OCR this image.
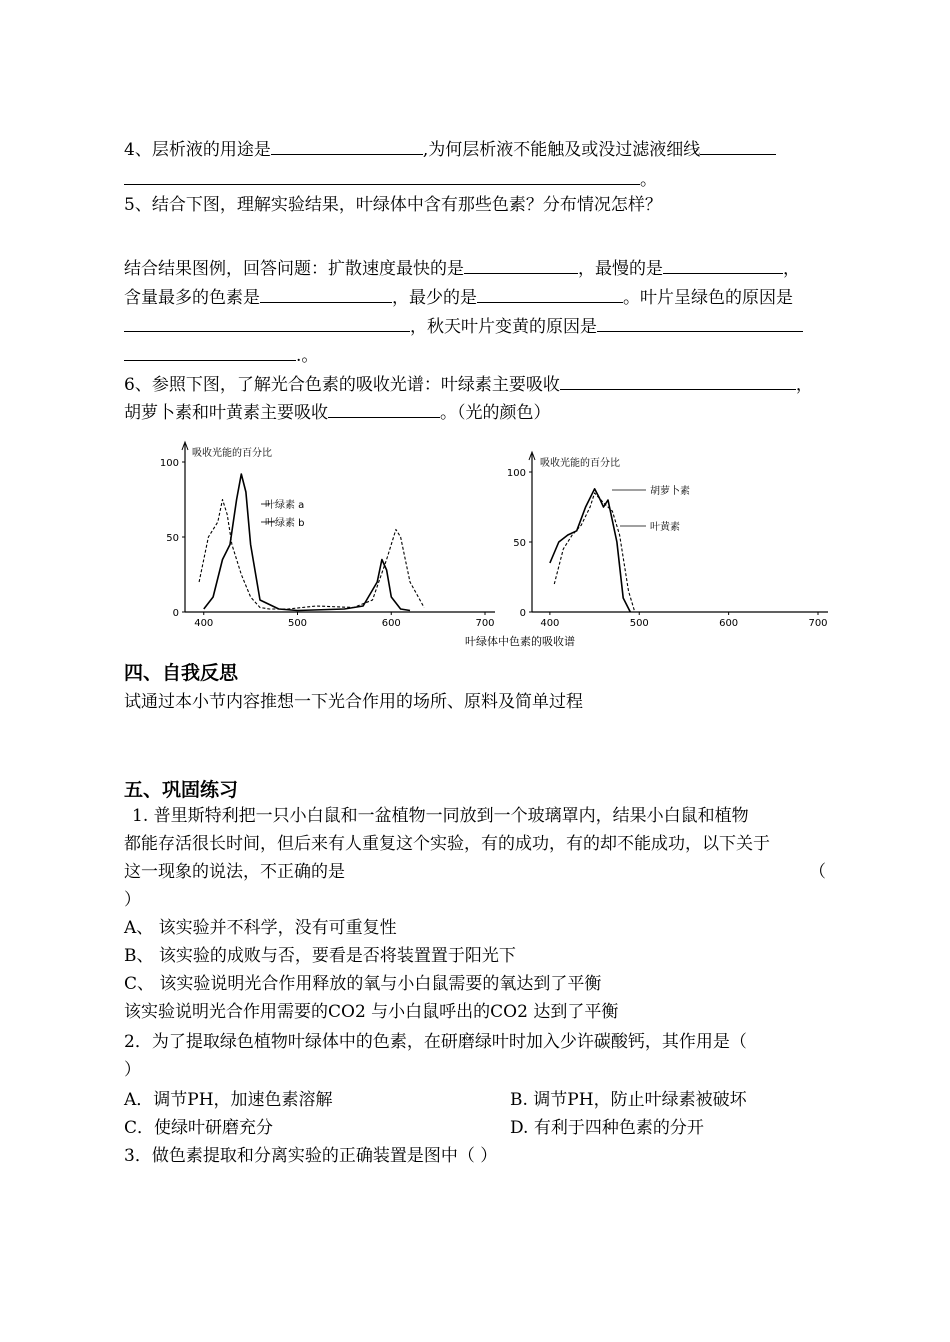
4、层析液的用途是	,为何层析液不能触及或没过滤液细线
。
5、结合下图，理解实验结果，叶绿体中含有那些色素？分布情况怎样？
结合结果图例，回答问题：扩散速度最快的是	，最慢的是	，
含量最多的色素是	，最少的是	。叶片呈绿色的原因是
，秋天叶片变黄的原因是
.。
6、参照下图，了解光合色素的吸收光谱：叶绿素主要吸收	，
胡萝卜素和叶黄素主要吸收	。（光的颜色）
吸收光能的百分比
400	500	600	700
0
50
100
叶绿素 a
叶绿素 b
吸收光能的百分比
400	500	600	700
0
50
100
胡萝卜素
叶黄素
叶绿体中色素的吸收谱
四、自我反思
试通过本小节内容推想一下光合作用的场所、原料及简单过程
五、巩固练习
1. 普里斯特利把一只小白鼠和一盆植物一同放到一个玻璃罩内，结果小白鼠和植物
都能存活很长时间，但后来有人重复这个实验，有的成功，有的却不能成功，以下关于
这一现象的说法，不正确的是	（
）
A、 该实验并不科学，没有可重复性
B、 该实验的成败与否，要看是否将装置置于阳光下
C、 该实验说明光合作用释放的氧与小白鼠需要的氧达到了平衡
该实验说明光合作用需要的CO2 与小白鼠呼出的CO2 达到了平衡
2．为了提取绿色植物叶绿体中的色素，在研磨绿叶时加入少许碳酸钙，其作用是（
）
A．调节PH，加速色素溶解	B. 调节PH，防止叶绿素被破坏
C．使绿叶研磨充分	D. 有利于四种色素的分开
3．做色素提取和分离实验的正确装置是图中（ ）
